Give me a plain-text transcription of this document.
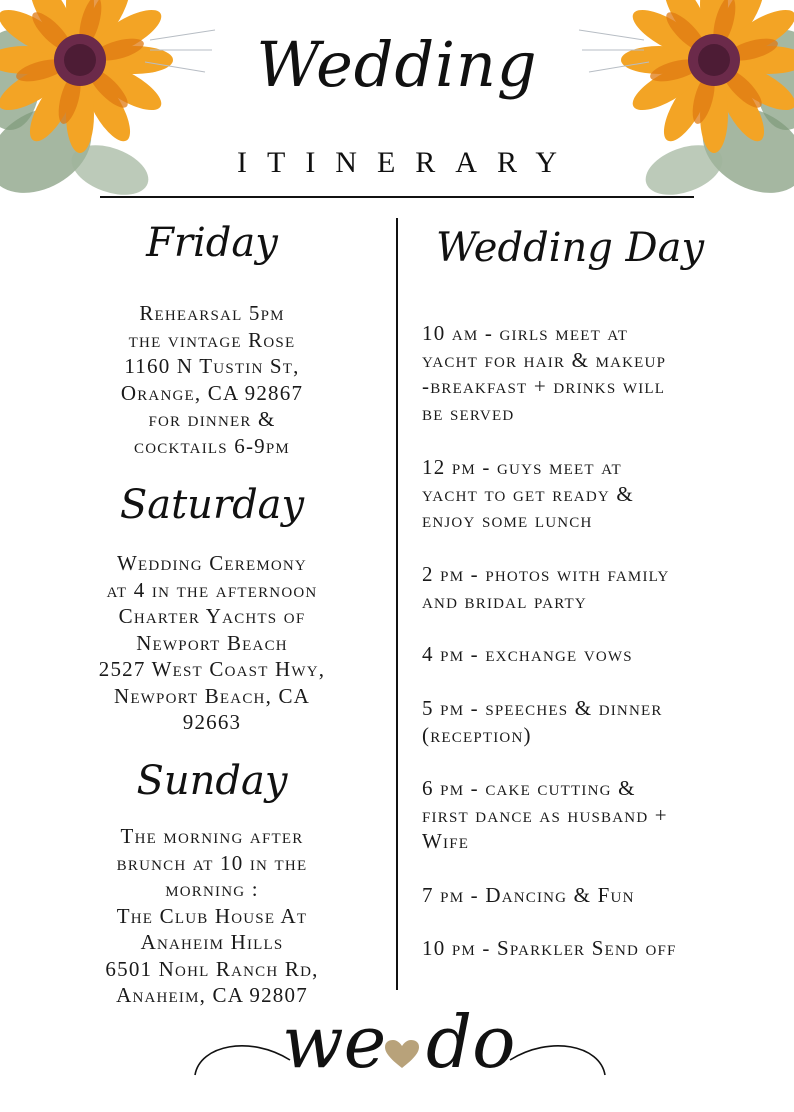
Wedding
ITINERARY
Friday
Rehearsal 5pm
the vintage Rose
1160 N Tustin St,
Orange, CA 92867
for dinner &
cocktails 6-9pm
Saturday
Wedding Ceremony
at 4 in the afternoon
Charter Yachts of
Newport Beach
2527 West Coast Hwy,
Newport Beach, CA
92663
Sunday
The morning after
brunch at 10 in the
morning :
The Club House At
Anaheim Hills
6501 Nohl Ranch Rd,
Anaheim, CA 92807
Wedding Day
10 am - girls meet at
yacht for hair & makeup
-breakfast + drinks will
be served
12 pm - guys meet at
yacht to get ready &
enjoy some lunch
2 pm - photos with family
and bridal party
4 pm - exchange vows
5 pm - speeches & dinner
(reception)
6 pm - cake cutting &
first dance as husband +
Wife
7 pm - Dancing & Fun
10 pm - Sparkler Send off
we do
